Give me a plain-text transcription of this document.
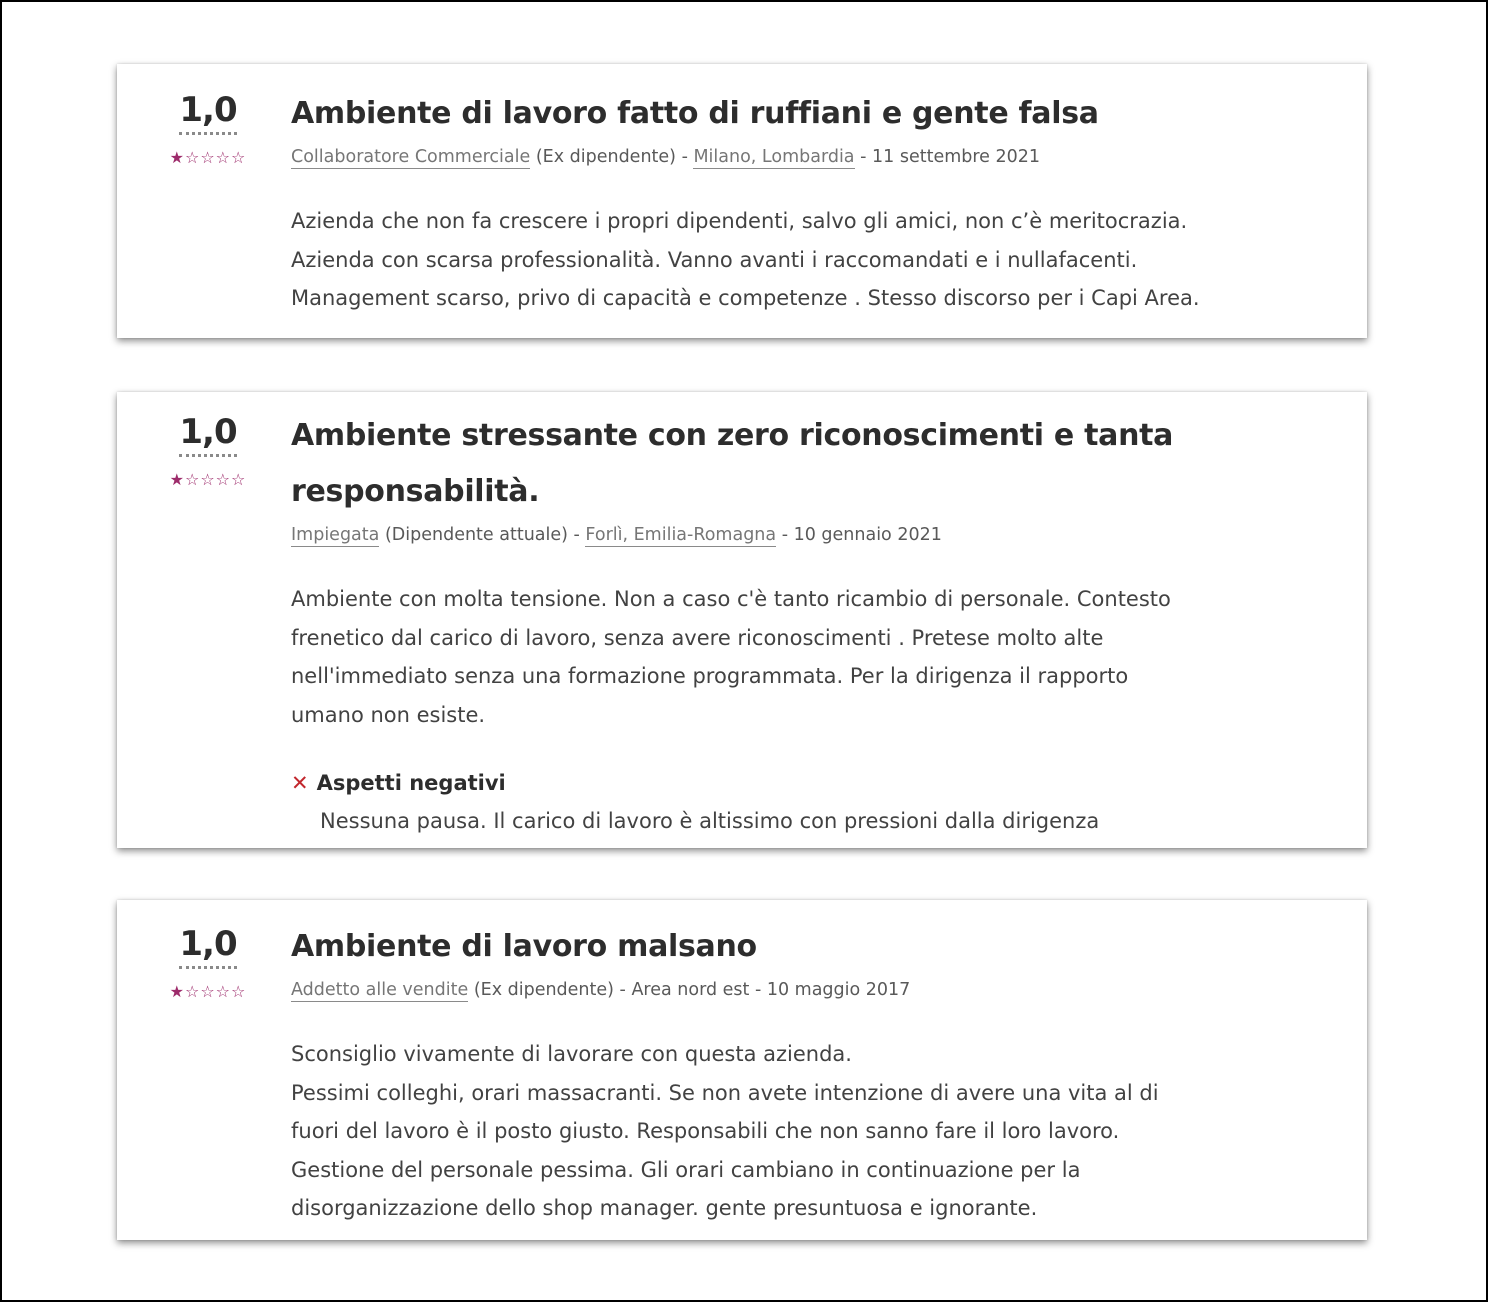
1,0
★☆☆☆☆
Ambiente di lavoro fatto di ruffiani e gente falsa
Collaboratore Commerciale (Ex dipendente) - Milano, Lombardia - 11 settembre 2021
Azienda che non fa crescere i propri dipendenti, salvo gli amici, non c’è meritocrazia.
Azienda con scarsa professionalità. Vanno avanti i raccomandati e i nullafacenti.
Management scarso, privo di capacità e competenze . Stesso discorso per i Capi Area.
1,0
★☆☆☆☆
Ambiente stressante con zero riconoscimenti e tanta responsabilità.
Impiegata (Dipendente attuale) - Forlì, Emilia-Romagna - 10 gennaio 2021
Ambiente con molta tensione. Non a caso c'è tanto ricambio di personale. Contesto
frenetico dal carico di lavoro, senza avere riconoscimenti . Pretese molto alte
nell'immediato senza una formazione programmata. Per la dirigenza il rapporto
umano non esiste.
✕ Aspetti negativi
Nessuna pausa. Il carico di lavoro è altissimo con pressioni dalla dirigenza
1,0
★☆☆☆☆
Ambiente di lavoro malsano
Addetto alle vendite (Ex dipendente) - Area nord est - 10 maggio 2017
Sconsiglio vivamente di lavorare con questa azienda.
Pessimi colleghi, orari massacranti. Se non avete intenzione di avere una vita al di
fuori del lavoro è il posto giusto. Responsabili che non sanno fare il loro lavoro.
Gestione del personale pessima. Gli orari cambiano in continuazione per la
disorganizzazione dello shop manager. gente presuntuosa e ignorante.
